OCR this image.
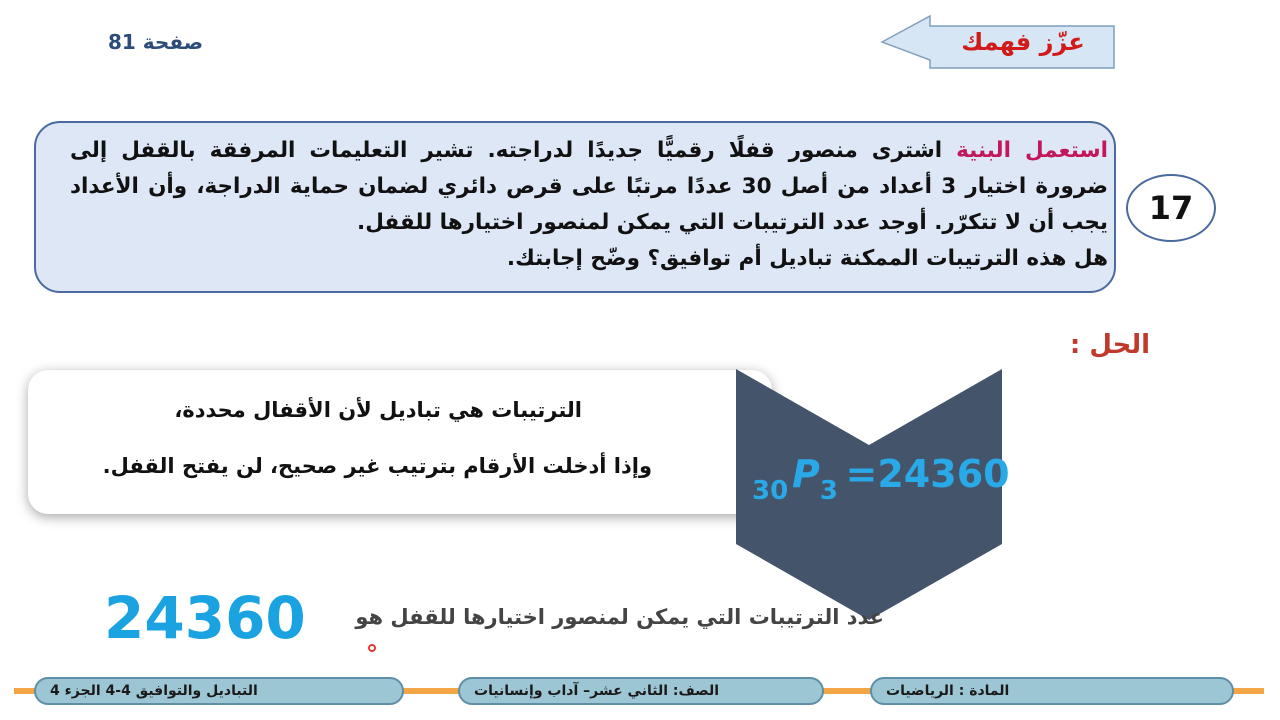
صفحة 81	عزّز فهمك
استعمل البنية اشترى منصور قفلًا رقميًّا جديدًا لدراجته. تشير التعليمات المرفقة بالقفل إلى ضرورة اختيار 3 أعداد من أصل 30 عددًا مرتبًا على قرص دائري لضمان حماية الدراجة، وأن الأعداد يجب أن لا تتكرّر. أوجد عدد الترتيبات التي يمكن لمنصور اختيارها للقفل.
هل هذه الترتيبات الممكنة تباديل أم توافيق؟ وضّح إجابتك.
17
الحل :
الترتيبات هي تباديل لأن الأقفال محددة،
وإذا أدخلت الأرقام بترتيب غير صحيح، لن يفتح القفل.
$_{30}$ $P_3 =24360$
24360 عدد الترتيبات التي يمكن لمنصور اختيارها للقفل هو
التباديل والتوافيق 4-4 الجزء 4	الصف: الثاني عشر– آداب وإنسانيات	المادة : الرياضيات
